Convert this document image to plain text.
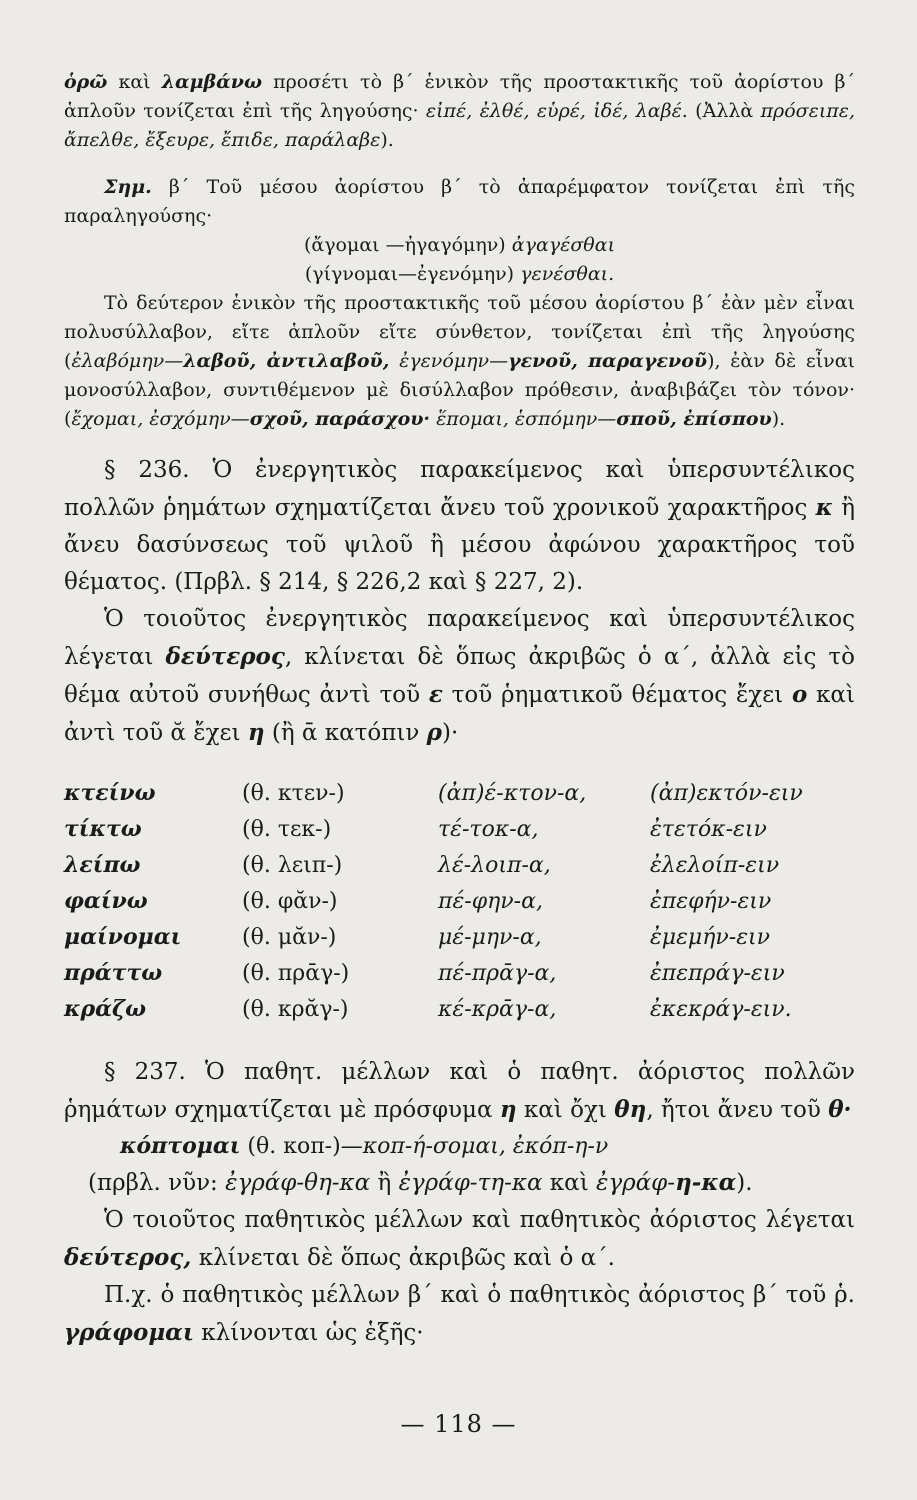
ὁρῶ καὶ λαμβάνω προσέτι τὸ β΄ ἑνικὸν τῆς προστακτικῆς τοῦ ἀορίστου β΄ ἁπλοῦν τονίζεται ἐπὶ τῆς ληγούσης· εἰπέ, ἐλθέ, εὑρέ, ἰδέ, λαβέ. (Ἀλλὰ πρόσειπε, ἄπελθε, ἔξευρε, ἔπιδε, παράλαβε).

Σημ. β΄ Τοῦ μέσου ἀορίστου β΄ τὸ ἀπαρέμφατον τονίζεται ἐπὶ τῆς παραληγούσης·

(ἄγομαι —ἠγαγόμην) ἀγαγέσθαι
(γίγνομαι—ἐγενόμην) γενέσθαι.

Τὸ δεύτερον ἑνικὸν τῆς προστακτικῆς τοῦ μέσου ἀορίστου β΄ ἐὰν μὲν εἶναι πολυσύλλαβον, εἴτε ἁπλοῦν εἴτε σύνθετον, τονίζεται ἐπὶ τῆς ληγούσης (ἐλαβόμην—λαβοῦ, ἀντιλαβοῦ, ἐγενόμην—γενοῦ, παραγενοῦ), ἐὰν δὲ εἶναι μονοσύλλαβον, συντιθέμενον μὲ δισύλλαβον πρόθεσιν, ἀναβιβάζει τὸν τόνον· (ἔχομαι, ἐσχόμην—σχοῦ, παράσχου· ἕπομαι, ἑσπόμην—σποῦ, ἐπίσπου).

§ 236. Ὁ ἐνεργητικὸς παρακείμενος καὶ ὑπερσυντέλικος πολλῶν ῥημάτων σχηματίζεται ἄνευ τοῦ χρονικοῦ χαρακτῆρος κ ἢ ἄνευ δασύνσεως τοῦ ψιλοῦ ἢ μέσου ἀφώνου χαρακτῆρος τοῦ θέματος. (Πρβλ. § 214, § 226,2 καὶ § 227, 2).

Ὁ τοιοῦτος ἐνεργητικὸς παρακείμενος καὶ ὑπερσυντέλικος λέγεται δεύτερος, κλίνεται δὲ ὅπως ἀκριβῶς ὁ α΄, ἀλλὰ εἰς τὸ θέμα αὐτοῦ συνήθως ἀντὶ τοῦ ε τοῦ ῥηματικοῦ θέματος ἔχει ο καὶ ἀντὶ τοῦ ᾰ ἔχει η (ἢ ᾱ κατόπιν ρ)·

κτείνω	(θ. κτεν-)	(ἀπ)έ-κτον-α,	(ἀπ)εκτόν-ειν
τίκτω	(θ. τεκ-)	τέ-τοκ-α,	ἐτετόκ-ειν
λείπω	(θ. λειπ-)	λέ-λοιπ-α,	ἐλελοίπ-ειν
φαίνω	(θ. φᾰν-)	πέ-φην-α,	ἐπεφήν-ειν
μαίνομαι	(θ. μᾰν-)	μέ-μην-α,	ἐμεμήν-ειν
πράττω	(θ. πρᾱγ-)	πέ-πρᾱγ-α,	ἐπεπράγ-ειν
κράζω	(θ. κρᾰγ-)	κέ-κρᾱγ-α,	ἐκεκράγ-ειν.

§ 237. Ὁ παθητ. μέλλων καὶ ὁ παθητ. ἀόριστος πολλῶν ῥημάτων σχηματίζεται μὲ πρόσφυμα η καὶ ὄχι θη, ἤτοι ἄνευ τοῦ θ·

κόπτομαι (θ. κοπ-)—κοπ-ή-σομαι, ἐκόπ-η-ν

(πρβλ. νῦν: ἐγράφ-θη-κα ἢ ἐγράφ-τη-κα καὶ ἐγράφ-η-κα).

Ὁ τοιοῦτος παθητικὸς μέλλων καὶ παθητικὸς ἀόριστος λέγεται δεύτερος, κλίνεται δὲ ὅπως ἀκριβῶς καὶ ὁ α΄.

Π.χ. ὁ παθητικὸς μέλλων β΄ καὶ ὁ παθητικὸς ἀόριστος β΄ τοῦ ῥ. γράφομαι κλίνονται ὡς ἑξῆς·

— 118 —
